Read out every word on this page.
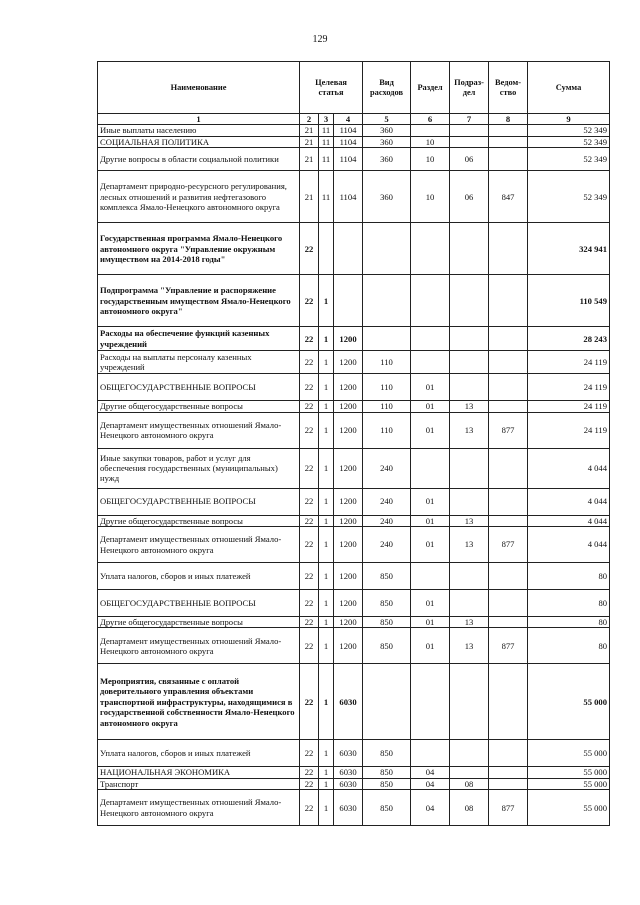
129
Наименование	Целевая статья			Вид расходов	Раздел	Подраз-дел	Ведом-ство	Сумма
1	2	3	4	5	6	7	8	9
Иные выплаты населению	21	11	1104	360				52 349
СОЦИАЛЬНАЯ ПОЛИТИКА	21	11	1104	360	10			52 349
Другие вопросы в области социальной политики	21	11	1104	360	10	06		52 349
Департамент природно-ресурсного регулирования, лесных отношений и развития нефтегазового комплекса Ямало-Ненецкого автономного округа	21	11	1104	360	10	06	847	52 349
Государственная программа Ямало-Ненецкого автономного округа "Управление окружным имуществом на 2014-2018 годы"	22							324 941
Подпрограмма "Управление и распоряжение государственным имуществом Ямало-Ненецкого автономного округа"	22	1						110 549
Расходы на обеспечение функций казенных учреждений	22	1	1200					28 243
Расходы на выплаты персоналу казенных учреждений	22	1	1200	110				24 119
ОБЩЕГОСУДАРСТВЕННЫЕ ВОПРОСЫ	22	1	1200	110	01			24 119
Другие общегосударственные вопросы	22	1	1200	110	01	13		24 119
Департамент имущественных отношений Ямало-Ненецкого автономного округа	22	1	1200	110	01	13	877	24 119
Иные закупки товаров, работ и услуг для обеспечения государственных (муниципальных) нужд	22	1	1200	240				4 044
ОБЩЕГОСУДАРСТВЕННЫЕ ВОПРОСЫ	22	1	1200	240	01			4 044
Другие общегосударственные вопросы	22	1	1200	240	01	13		4 044
Департамент имущественных отношений Ямало-Ненецкого автономного округа	22	1	1200	240	01	13	877	4 044
Уплата налогов, сборов и иных платежей	22	1	1200	850				80
ОБЩЕГОСУДАРСТВЕННЫЕ ВОПРОСЫ	22	1	1200	850	01			80
Другие общегосударственные вопросы	22	1	1200	850	01	13		80
Департамент имущественных отношений Ямало-Ненецкого автономного округа	22	1	1200	850	01	13	877	80
Мероприятия, связанные с оплатой доверительного управления объектами транспортной инфраструктуры, находящимися в государственной собственности Ямало-Ненецкого автономного округа	22	1	6030					55 000
Уплата налогов, сборов и иных платежей	22	1	6030	850				55 000
НАЦИОНАЛЬНАЯ ЭКОНОМИКА	22	1	6030	850	04			55 000
Транспорт	22	1	6030	850	04	08		55 000
Департамент имущественных отношений Ямало-Ненецкого автономного округа	22	1	6030	850	04	08	877	55 000
